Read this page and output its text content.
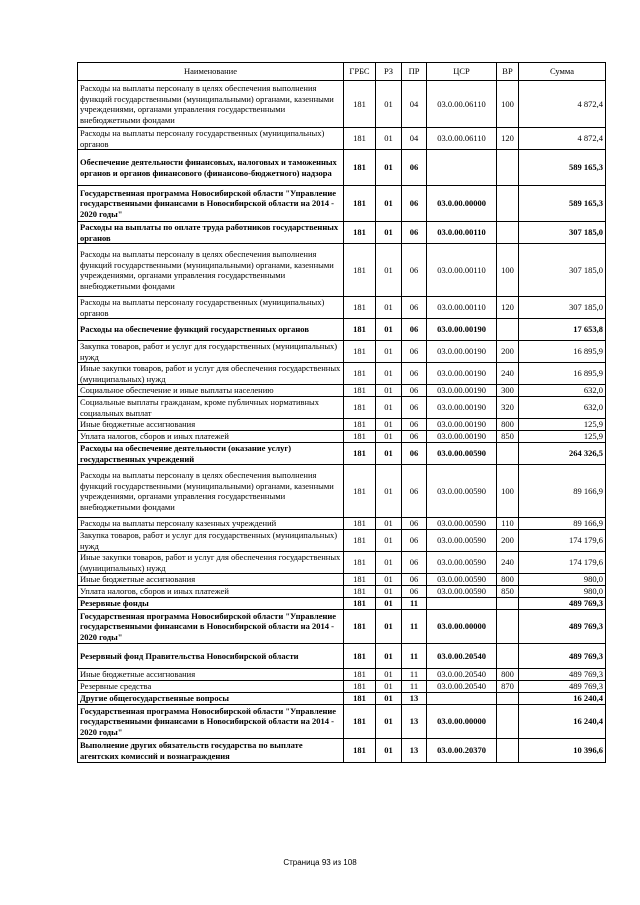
Наименование	ГРБС	РЗ	ПР	ЦСР	ВР	Сумма
Расходы на выплаты персоналу в целях обеспечения выполнения функций государственными (муниципальными) органами, казенными учреждениями, органами управления государственными внебюджетными фондами	181	01	04	03.0.00.06110	100	4 872,4
Расходы на выплаты персоналу государственных (муниципальных) органов	181	01	04	03.0.00.06110	120	4 872,4
Обеспечение деятельности финансовых, налоговых и таможенных органов и органов финансового (финансово-бюджетного) надзора	181	01	06			589 165,3
Государственная программа Новосибирской области "Управление государственными финансами в Новосибирской области на 2014 - 2020 годы"	181	01	06	03.0.00.00000		589 165,3
Расходы на выплаты по оплате труда работников государственных органов	181	01	06	03.0.00.00110		307 185,0
Расходы на выплаты персоналу в целях обеспечения выполнения функций государственными (муниципальными) органами, казенными учреждениями, органами управления государственными внебюджетными фондами	181	01	06	03.0.00.00110	100	307 185,0
Расходы на выплаты персоналу государственных (муниципальных) органов	181	01	06	03.0.00.00110	120	307 185,0
Расходы на обеспечение функций государственных органов	181	01	06	03.0.00.00190		17 653,8
Закупка товаров, работ и услуг для государственных (муниципальных) нужд	181	01	06	03.0.00.00190	200	16 895,9
Иные закупки товаров, работ и услуг для обеспечения государственных (муниципальных) нужд	181	01	06	03.0.00.00190	240	16 895,9
Социальное обеспечение и иные выплаты населению	181	01	06	03.0.00.00190	300	632,0
Социальные выплаты гражданам, кроме публичных нормативных социальных выплат	181	01	06	03.0.00.00190	320	632,0
Иные бюджетные ассигнования	181	01	06	03.0.00.00190	800	125,9
Уплата налогов, сборов и иных платежей	181	01	06	03.0.00.00190	850	125,9
Расходы на обеспечение деятельности (оказание услуг) государственных учреждений	181	01	06	03.0.00.00590		264 326,5
Расходы на выплаты персоналу в целях обеспечения выполнения функций государственными (муниципальными) органами, казенными учреждениями, органами управления государственными внебюджетными фондами	181	01	06	03.0.00.00590	100	89 166,9
Расходы на выплаты персоналу казенных учреждений	181	01	06	03.0.00.00590	110	89 166,9
Закупка товаров, работ и услуг для государственных (муниципальных) нужд	181	01	06	03.0.00.00590	200	174 179,6
Иные закупки товаров, работ и услуг для обеспечения государственных (муниципальных) нужд	181	01	06	03.0.00.00590	240	174 179,6
Иные бюджетные ассигнования	181	01	06	03.0.00.00590	800	980,0
Уплата налогов, сборов и иных платежей	181	01	06	03.0.00.00590	850	980,0
Резервные фонды	181	01	11			489 769,3
Государственная программа Новосибирской области "Управление государственными финансами в Новосибирской области на 2014 - 2020 годы"	181	01	11	03.0.00.00000		489 769,3
Резервный фонд Правительства Новосибирской области	181	01	11	03.0.00.20540		489 769,3
Иные бюджетные ассигнования	181	01	11	03.0.00.20540	800	489 769,3
Резервные средства	181	01	11	03.0.00.20540	870	489 769,3
Другие общегосударственные вопросы	181	01	13			16 240,4
Государственная программа Новосибирской области "Управление государственными финансами в Новосибирской области на 2014 - 2020 годы"	181	01	13	03.0.00.00000		16 240,4
Выполнение других обязательств государства по выплате агентских комиссий и вознаграждения	181	01	13	03.0.00.20370		10 396,6
Страница 93 из 108
